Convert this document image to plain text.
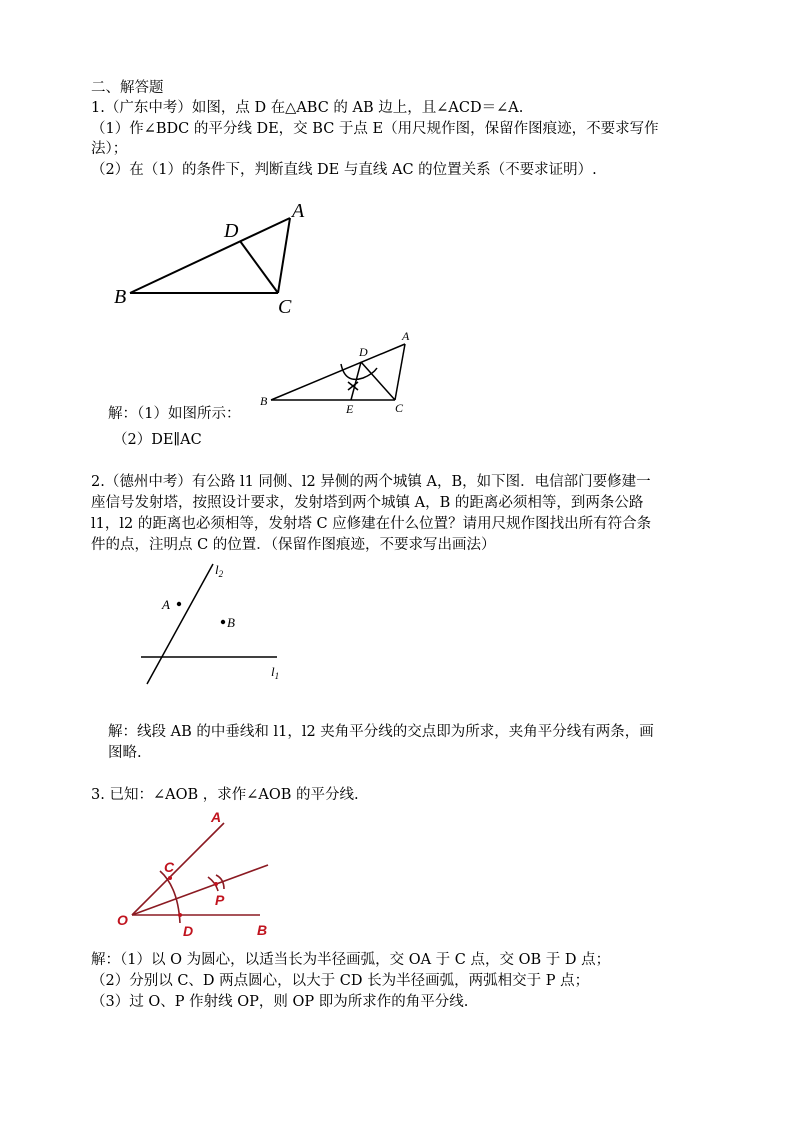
二、解答题
1.（广东中考）如图，点 D 在△ABC 的 AB 边上，且∠ACD＝∠A.
（1）作∠BDC 的平分线 DE，交 BC 于点 E（用尺规作图，保留作图痕迹，不要求写作
法）；
（2）在（1）的条件下，判断直线 DE 与直线 AC 的位置关系（不要求证明）.
A
B	C
D
A
B	C
D
E
解：（1）如图所示：
（2）DE∥AC
2.（德州中考）有公路 l1 同侧、l2 异侧的两个城镇 A，B，如下图．电信部门要修建一
座信号发射塔，按照设计要求，发射塔到两个城镇 A，B 的距离必须相等，到两条公路
l1，l2 的距离也必须相等，发射塔 C 应修建在什么位置？请用尺规作图找出所有符合条
件的点，注明点 C 的位置．（保留作图痕迹，不要求写出画法）
A
B
$l_2$
$l_1$
解：线段 AB 的中垂线和 l1，l2 夹角平分线的交点即为所求，夹角平分线有两条，画
图略.
3. 已知：∠AOB ，求作∠AOB 的平分线.
A
B
C
D
O
P
解：（1）以 O 为圆心，以适当长为半径画弧，交 OA 于 C 点，交 OB 于 D 点；
（2）分别以 C、D 两点圆心，以大于 CD 长为半径画弧，两弧相交于 P 点；
（3）过 O、P 作射线 OP，则 OP 即为所求作的角平分线.
